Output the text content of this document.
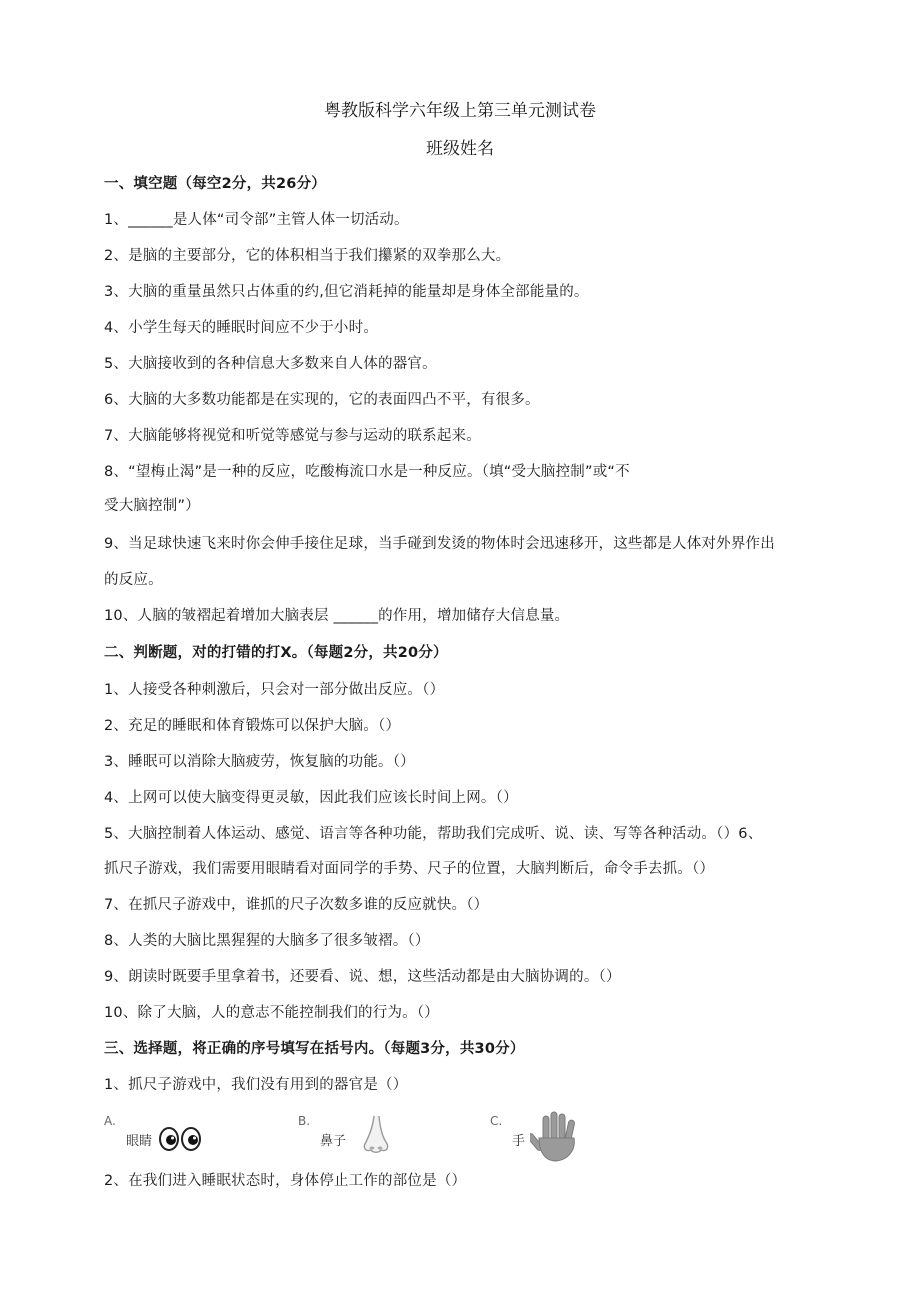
粤教版科学六年级上第三单元测试卷
班级姓名
一、填空题（每空2分，共26分）
1、______是人体“司令部”主管人体一切活动。
2、是脑的主要部分，它的体积相当于我们攥紧的双拳那么大。
3、大脑的重量虽然只占体重的约,但它消耗掉的能量却是身体全部能量的。
4、小学生每天的睡眠时间应不少于小时。
5、大脑接收到的各种信息大多数来自人体的器官。
6、大脑的大多数功能都是在实现的，它的表面四凸不平，有很多。
7、大脑能够将视觉和听觉等感觉与参与运动的联系起来。
8、“望梅止渴”是一种的反应，吃酸梅流口水是一种反应。（填“受大脑控制”或“不
受大脑控制”）
9、当足球快速飞来时你会伸手接住足球，当手碰到发烫的物体时会迅速移开，这些都是人体对外界作出
的反应。
10、人脑的皱褶起着增加大脑表层 ______的作用，增加储存大信息量。
二、判断题，对的打错的打X。（每题2分，共20分）
1、人接受各种刺激后，只会对一部分做出反应。（）
2、充足的睡眠和体育锻炼可以保护大脑。（）
3、睡眠可以消除大脑疲劳，恢复脑的功能。（）
4、上网可以使大脑变得更灵敏，因此我们应该长时间上网。（）
5、大脑控制着人体运动、感觉、语言等各种功能，帮助我们完成听、说、读、写等各种活动。（）6、
抓尺子游戏，我们需要用眼睛看对面同学的手势、尺子的位置，大脑判断后，命令手去抓。（）
7、在抓尺子游戏中，谁抓的尺子次数多谁的反应就快。（）
8、人类的大脑比黑猩猩的大脑多了很多皱褶。（）
9、朗读时既要手里拿着书，还要看、说、想，这些活动都是由大脑协调的。（）
10、除了大脑，人的意志不能控制我们的行为。（）
三、选择题，将正确的序号填写在括号内。（每题3分，共30分）
1、抓尺子游戏中，我们没有用到的器官是（）
A.
眼睛
B.
鼻子
C.
手
2、在我们进入睡眠状态时，身体停止工作的部位是（）
